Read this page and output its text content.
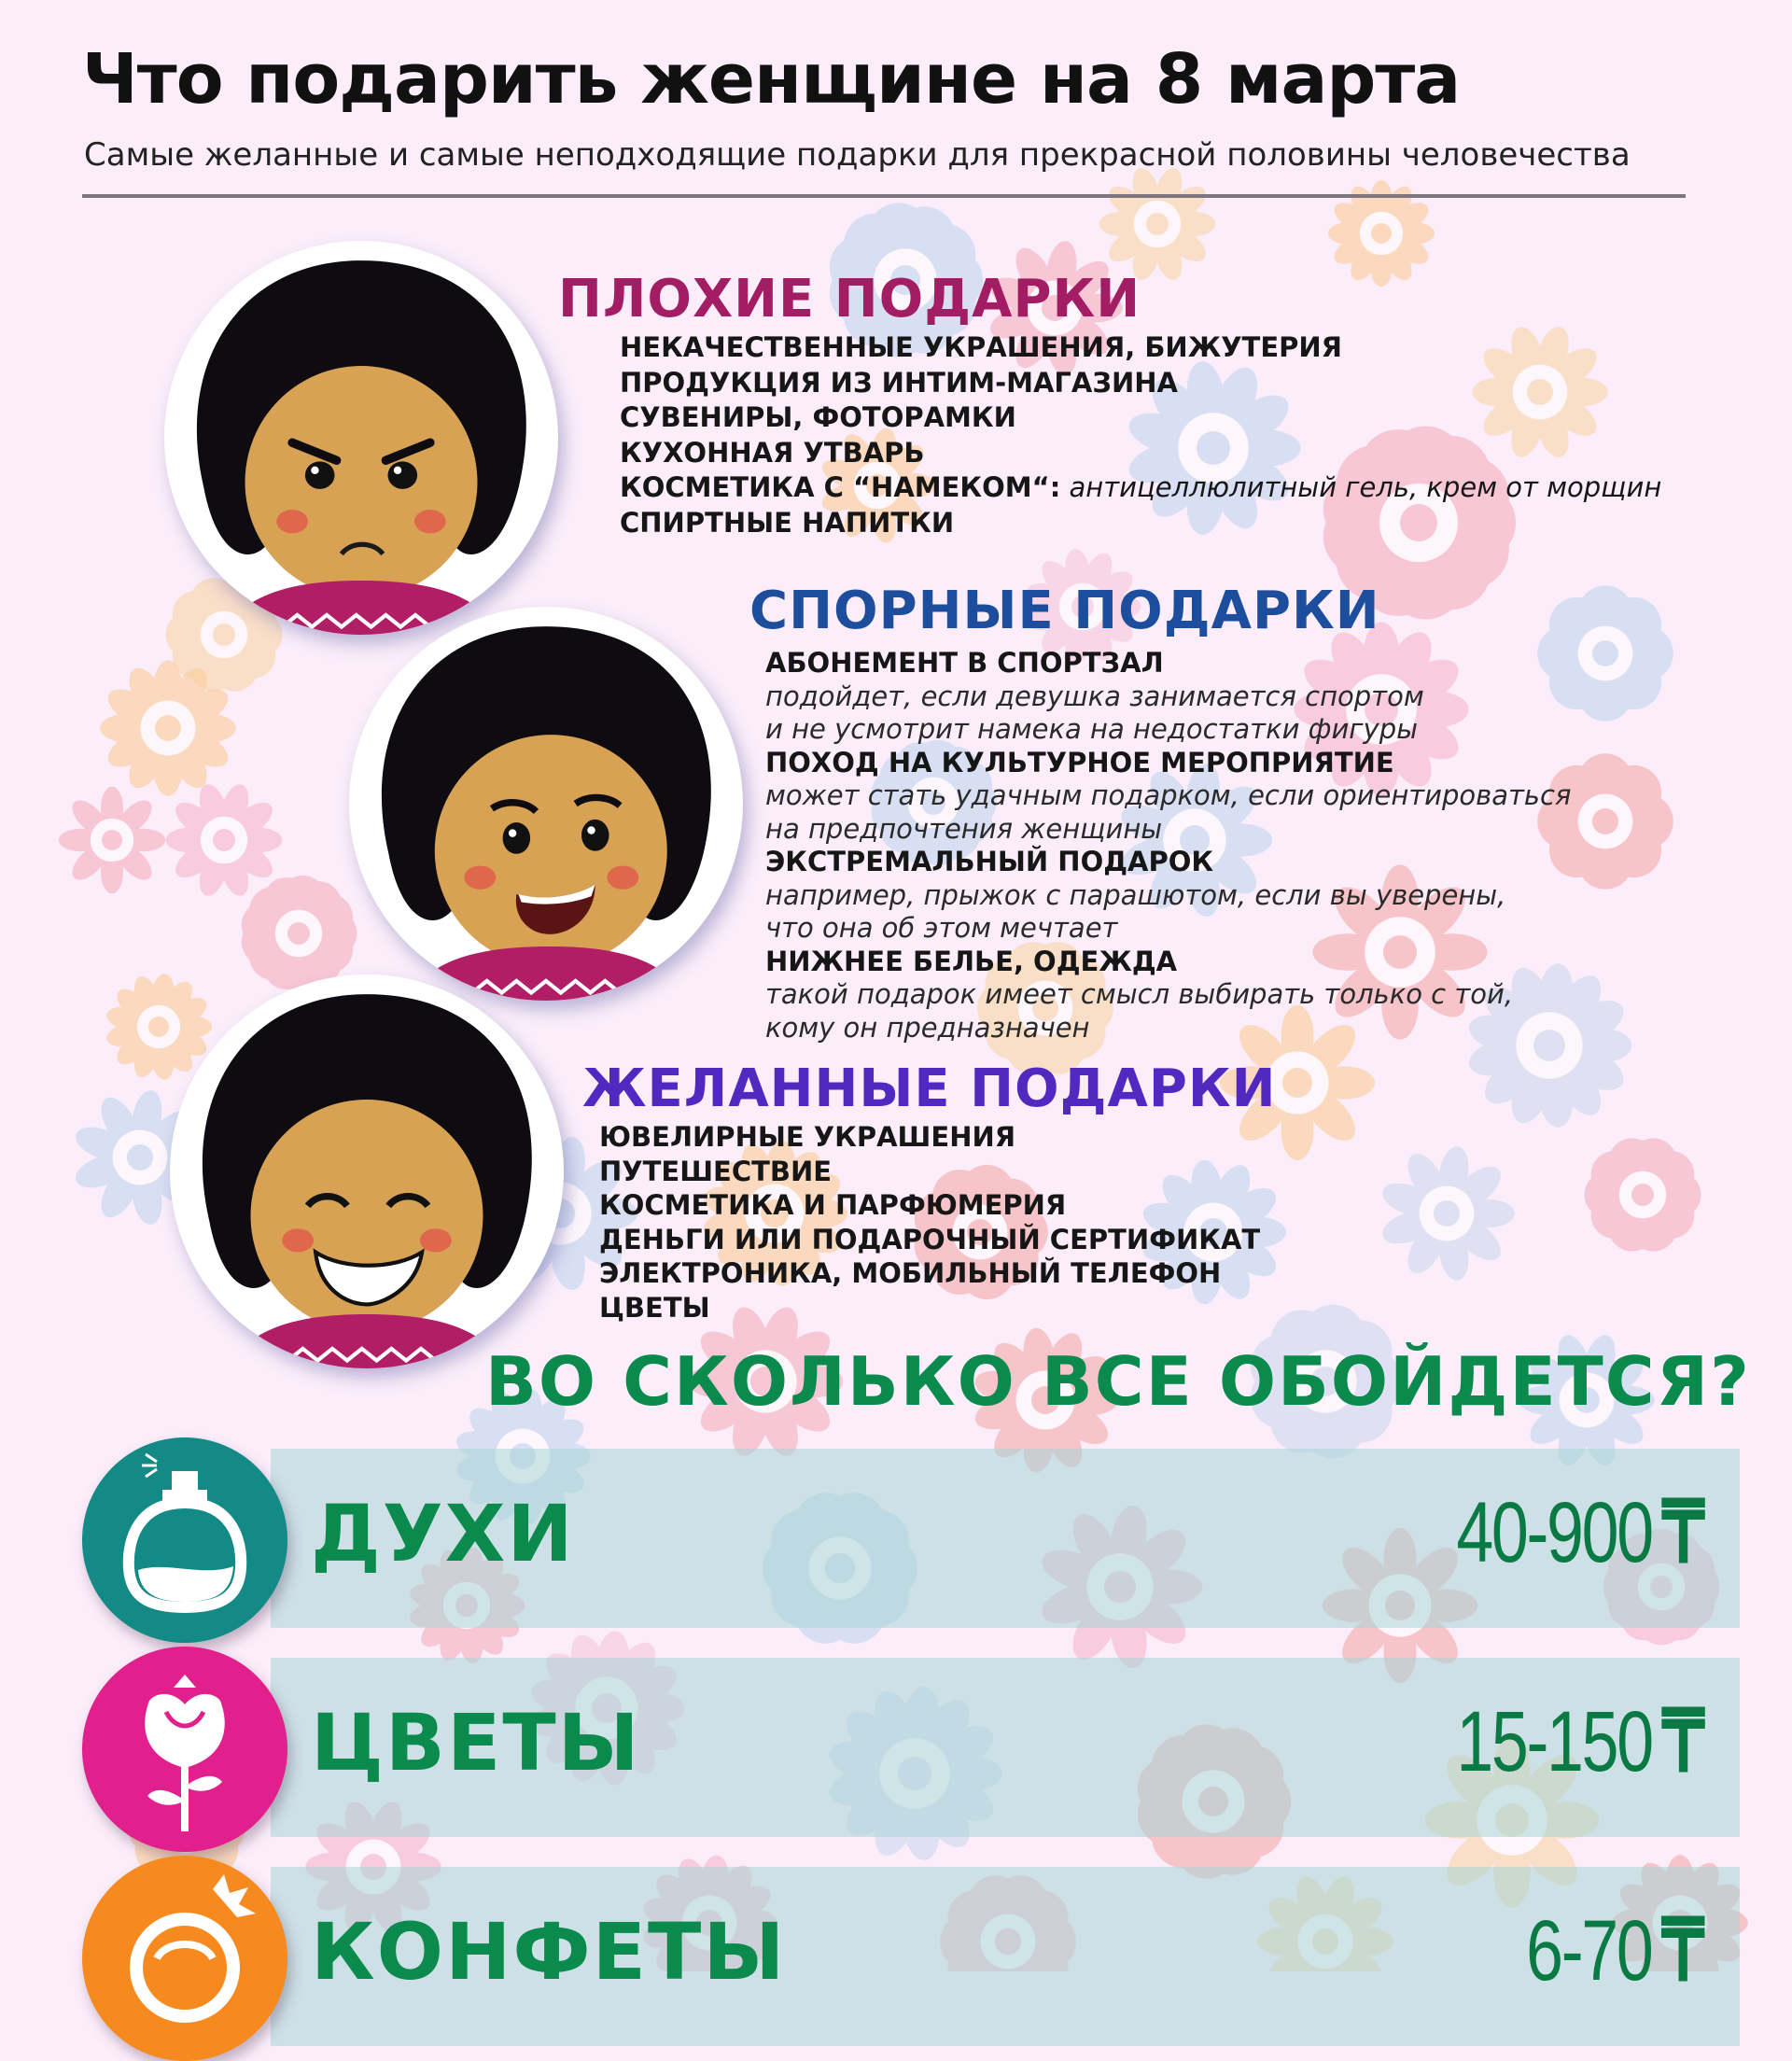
Что подарить женщине на 8 марта
Самые желанные и самые неподходящие подарки для прекрасной половины человечества
ПЛОХИЕ ПОДАРКИ
НЕКАЧЕСТВЕННЫЕ УКРАШЕНИЯ, БИЖУТЕРИЯ
ПРОДУКЦИЯ ИЗ ИНТИМ-МАГАЗИНА
СУВЕНИРЫ, ФОТОРАМКИ
КУХОННАЯ УТВАРЬ
КОСМЕТИКА С “НАМЕКОМ“: антицеллюлитный гель, крем от морщин
СПИРТНЫЕ НАПИТКИ
СПОРНЫЕ ПОДАРКИ
АБОНЕМЕНТ В СПОРТЗАЛ
подойдет, если девушка занимается спортом
и не усмотрит намека на недостатки фигуры
ПОХОД НА КУЛЬТУРНОЕ МЕРОПРИЯТИЕ
может стать удачным подарком, если ориентироваться
на предпочтения женщины
ЭКСТРЕМАЛЬНЫЙ ПОДАРОК
например, прыжок с парашютом, если вы уверены,
что она об этом мечтает
НИЖНЕЕ БЕЛЬЕ, ОДЕЖДА
такой подарок имеет смысл выбирать только с той,
кому он предназначен
ЖЕЛАННЫЕ ПОДАРКИ
ЮВЕЛИРНЫЕ УКРАШЕНИЯ
ПУТЕШЕСТВИЕ
КОСМЕТИКА И ПАРФЮМЕРИЯ
ДЕНЬГИ ИЛИ ПОДАРОЧНЫЙ СЕРТИФИКАТ
ЭЛЕКТРОНИКА, МОБИЛЬНЫЙ ТЕЛЕФОН
ЦВЕТЫ
ВО СКОЛЬКО ВСЕ ОБОЙДЕТСЯ?
ДУХИ	40-900 ₸
ЦВЕТЫ	15-150 ₸
КОНФЕТЫ	6-70 ₸
